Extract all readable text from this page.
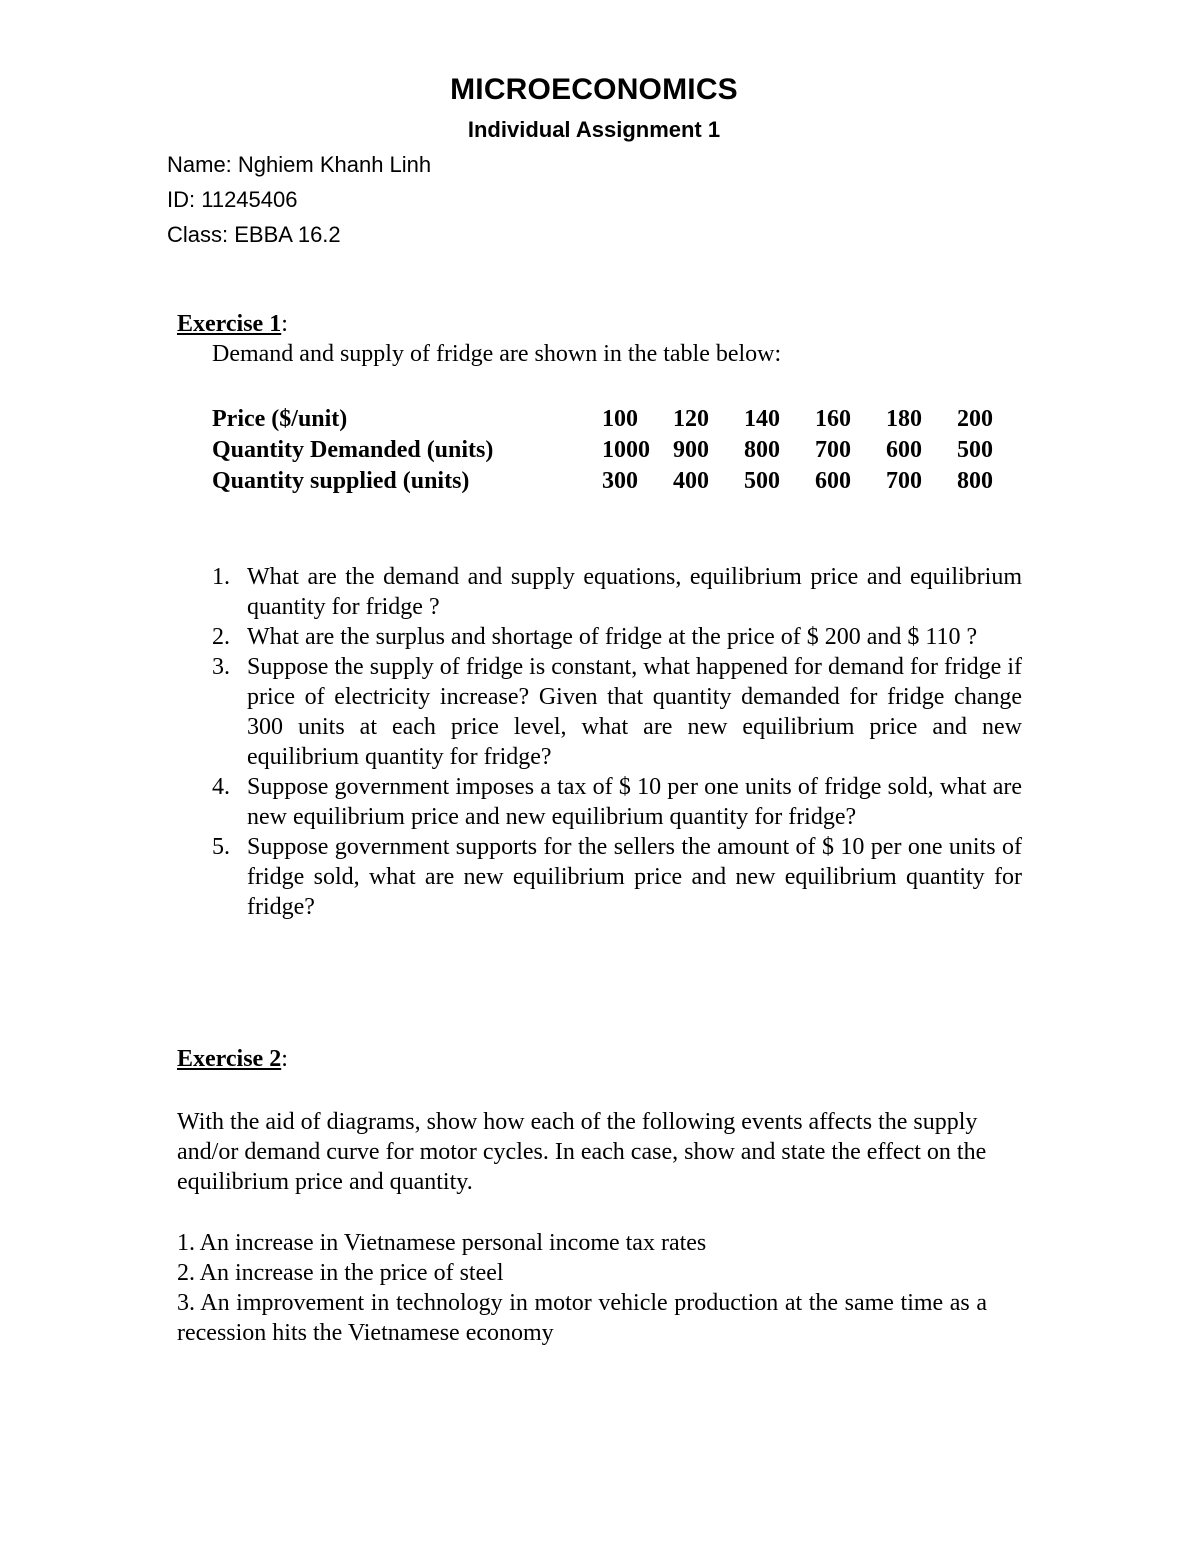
MICROECONOMICS
Individual Assignment 1
Name: Nghiem Khanh Linh
ID: 11245406
Class: EBBA 16.2
Exercise 1:
Demand and supply of fridge are shown in the table below:
Price ($/unit)	100	120	140	160	180	200
Quantity Demanded (units)	1000	900	800	700	600	500
Quantity supplied (units)	300	400	500	600	700	800
1. What are the demand and supply equations, equilibrium price and equilibrium quantity for fridge ?
2. What are the surplus and shortage of fridge at the price of $ 200 and $ 110 ?
3. Suppose the supply of fridge is constant, what happened for demand for fridge if price of electricity increase? Given that quantity demanded for fridge change 300 units at each price level, what are new equilibrium price and new equilibrium quantity for fridge?
4. Suppose government imposes a tax of $ 10 per one units of fridge sold, what are new equilibrium price and new equilibrium quantity for fridge?
5. Suppose government supports for the sellers the amount of $ 10 per one units of fridge sold, what are new equilibrium price and new equilibrium quantity for fridge?
Exercise 2:
With the aid of diagrams, show how each of the following events affects the supply and/or demand curve for motor cycles. In each case, show and state the effect on the equilibrium price and quantity.
1. An increase in Vietnamese personal income tax rates
2. An increase in the price of steel
3. An improvement in technology in motor vehicle production at the same time as a recession hits the Vietnamese economy
